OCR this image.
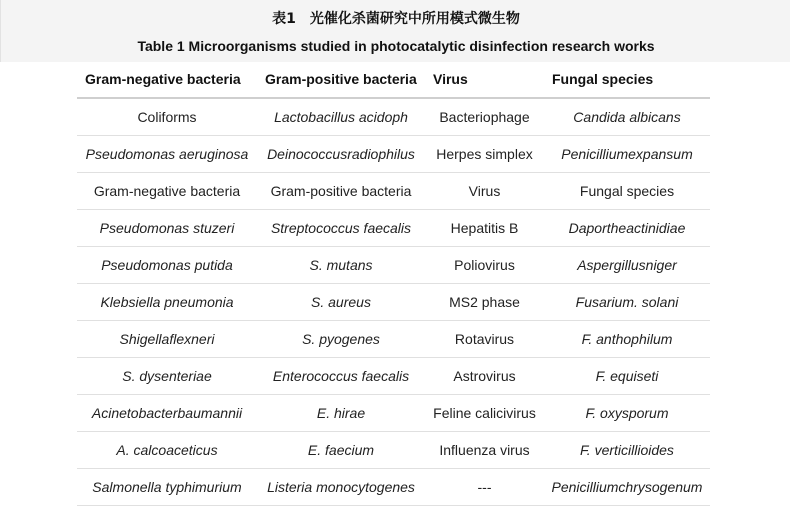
表1　光催化杀菌研究中所用模式微生物
Table 1 Microorganisms studied in photocatalytic disinfection research works
Gram-negative bacteria	Gram-positive bacteria	Virus	Fungal species
Coliforms	Lactobacillus acidoph	Bacteriophage	Candida albicans
Pseudomonas aeruginosa	Deinococcusradiophilus	Herpes simplex	Penicilliumexpansum
Gram-negative bacteria	Gram-positive bacteria	Virus	Fungal species
Pseudomonas stuzeri	Streptococcus faecalis	Hepatitis B	Daportheactinidiae
Pseudomonas putida	S. mutans	Poliovirus	Aspergillusniger
Klebsiella pneumonia	S. aureus	MS2 phase	Fusarium. solani
Shigellaflexneri	S. pyogenes	Rotavirus	F. anthophilum
S. dysenteriae	Enterococcus faecalis	Astrovirus	F. equiseti
Acinetobacterbaumannii	E. hirae	Feline calicivirus	F. oxysporum
A. calcoaceticus	E. faecium	Influenza virus	F. verticillioides
Salmonella typhimurium	Listeria monocytogenes	---	Penicilliumchrysogenum
